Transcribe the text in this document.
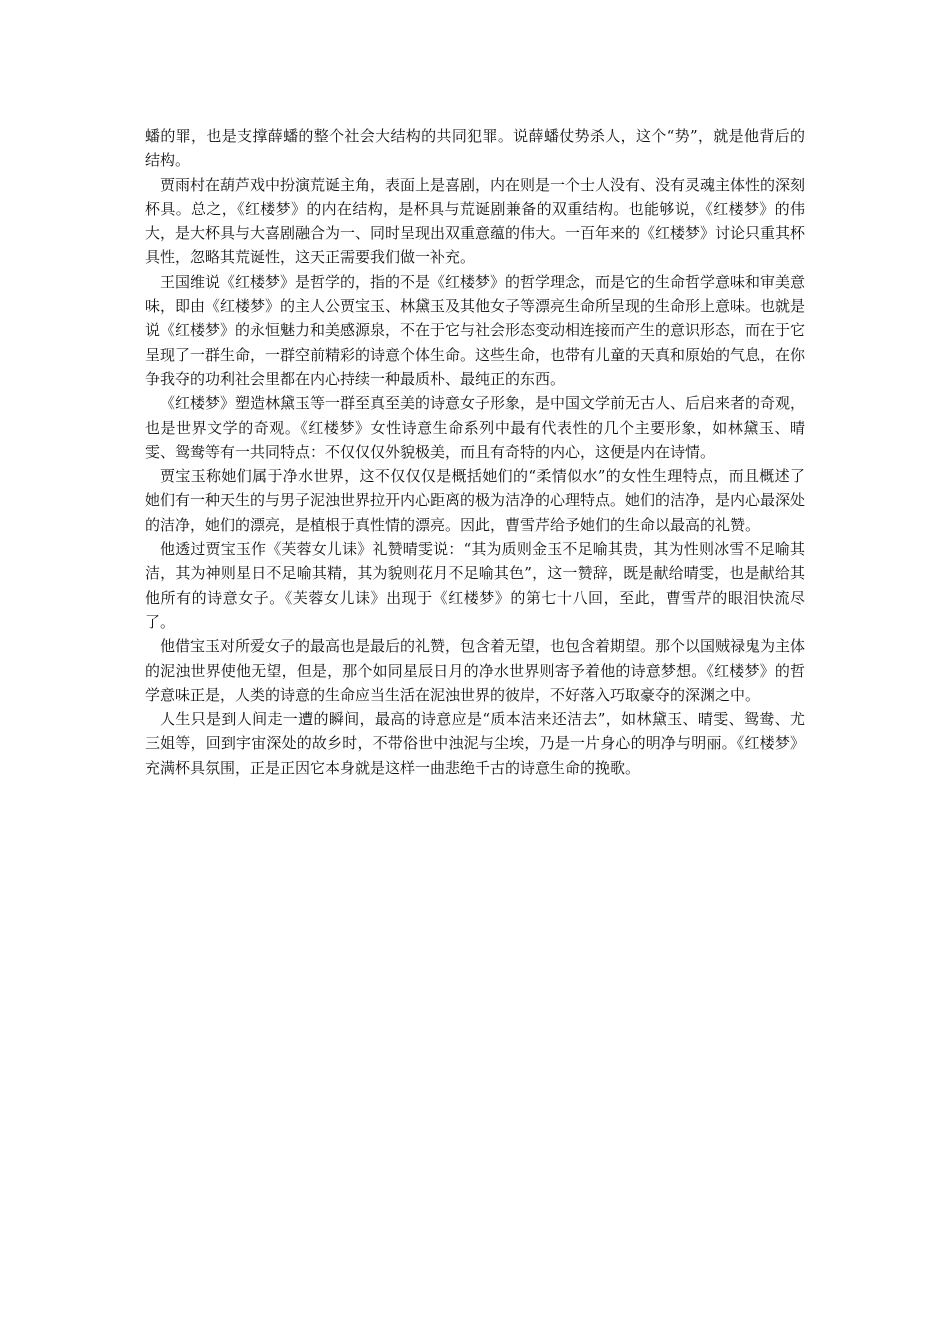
蟠的罪，也是支撑薛蟠的整个社会大结构的共同犯罪。说薛蟠仗势杀人，这个“势”，就是他背后的结构。

贾雨村在葫芦戏中扮演荒诞主角，表面上是喜剧，内在则是一个士人没有、没有灵魂主体性的深刻杯具。总之，《红楼梦》的内在结构，是杯具与荒诞剧兼备的双重结构。也能够说，《红楼梦》的伟大，是大杯具与大喜剧融合为一、同时呈现出双重意蕴的伟大。一百年来的《红楼梦》讨论只重其杯具性，忽略其荒诞性，这天正需要我们做一补充。

王国维说《红楼梦》是哲学的，指的不是《红楼梦》的哲学理念，而是它的生命哲学意味和审美意味，即由《红楼梦》的主人公贾宝玉、林黛玉及其他女子等漂亮生命所呈现的生命形上意味。也就是说《红楼梦》的永恒魅力和美感源泉，不在于它与社会形态变动相连接而产生的意识形态，而在于它呈现了一群生命，一群空前精彩的诗意个体生命。这些生命，也带有儿童的天真和原始的气息，在你争我夺的功利社会里都在内心持续一种最质朴、最纯正的东西。

《红楼梦》塑造林黛玉等一群至真至美的诗意女子形象，是中国文学前无古人、后启来者的奇观，也是世界文学的奇观。《红楼梦》女性诗意生命系列中最有代表性的几个主要形象，如林黛玉、晴雯、鸳鸯等有一共同特点：不仅仅仅外貌极美，而且有奇特的内心，这便是内在诗情。

贾宝玉称她们属于净水世界，这不仅仅仅是概括她们的“柔情似水”的女性生理特点，而且概述了她们有一种天生的与男子泥浊世界拉开内心距离的极为洁净的心理特点。她们的洁净，是内心最深处的洁净，她们的漂亮，是植根于真性情的漂亮。因此，曹雪芹给予她们的生命以最高的礼赞。

他透过贾宝玉作《芙蓉女儿诔》礼赞晴雯说：“其为质则金玉不足喻其贵，其为性则冰雪不足喻其洁，其为神则星日不足喻其精，其为貌则花月不足喻其色”，这一赞辞，既是献给晴雯，也是献给其他所有的诗意女子。《芙蓉女儿诔》出现于《红楼梦》的第七十八回，至此，曹雪芹的眼泪快流尽了。

他借宝玉对所爱女子的最高也是最后的礼赞，包含着无望，也包含着期望。那个以国贼禄鬼为主体的泥浊世界使他无望，但是，那个如同星辰日月的净水世界则寄予着他的诗意梦想。《红楼梦》的哲学意味正是，人类的诗意的生命应当生活在泥浊世界的彼岸，不好落入巧取豪夺的深渊之中。

人生只是到人间走一遭的瞬间，最高的诗意应是“质本洁来还洁去”，如林黛玉、晴雯、鸳鸯、尤三姐等，回到宇宙深处的故乡时，不带俗世中浊泥与尘埃，乃是一片身心的明净与明丽。《红楼梦》充满杯具氛围，正是正因它本身就是这样一曲悲绝千古的诗意生命的挽歌。
